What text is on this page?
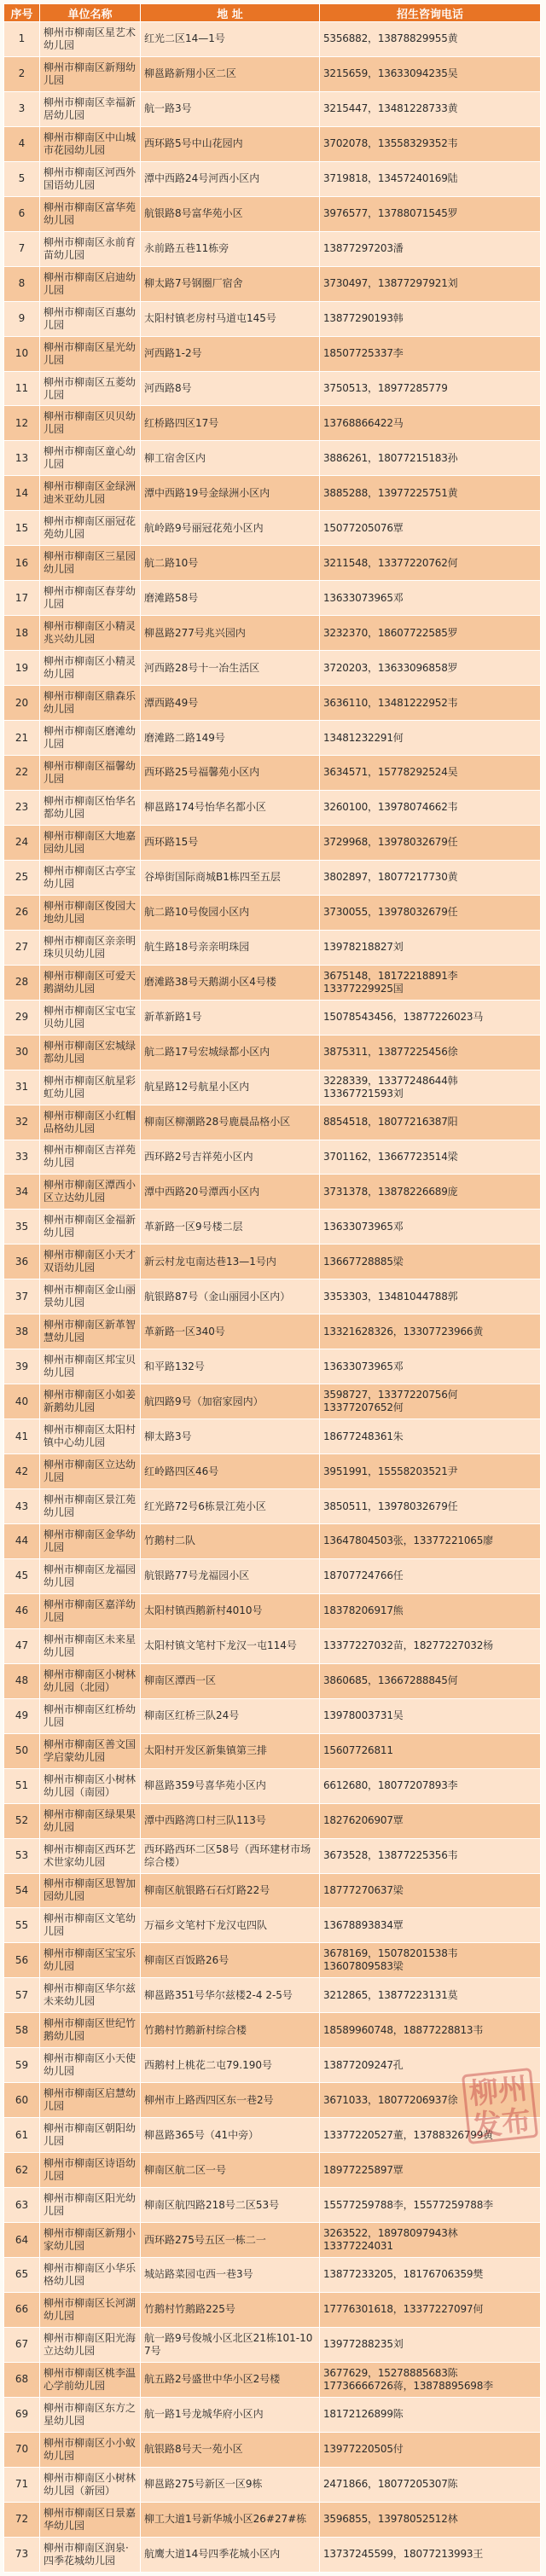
序号	单位名称	地 址	招生咨询电话
1	柳州市柳南区星艺术幼儿园	红光二区14—1号	5356882，13878829955黄
2	柳州市柳南区新翔幼儿园	柳邕路新翔小区二区	3215659，13633094235吴
3	柳州市柳南区幸福新居幼儿园	航一路3号	3215447，13481228733黄
4	柳州市柳南区中山城市花园幼儿园	西环路5号中山花园内	3702078，13558329352韦
5	柳州市柳南区河西外国语幼儿园	潭中西路24号河西小区内	3719818，13457240169陆
6	柳州市柳南区富华苑幼儿园	航银路8号富华苑小区	3976577，13788071545罗
7	柳州市柳南区永前育苗幼儿园	永前路五巷11栋旁	13877297203潘
8	柳州市柳南区启迪幼儿园	柳太路7号钢圈厂宿舍	3730497，13877297921刘
9	柳州市柳南区百惠幼儿园	太阳村镇老房村马道屯145号	13877290193韩
10	柳州市柳南区星光幼儿园	河西路1-2号	18507725337李
11	柳州市柳南区五菱幼儿园	河西路8号	3750513，18977285779
12	柳州市柳南区贝贝幼儿园	红桥路四区17号	13768866422马
13	柳州市柳南区童心幼儿园	柳工宿舍区内	3886261，18077215183孙
14	柳州市柳南区金绿洲迪米亚幼儿园	潭中西路19号金绿洲小区内	3885288，13977225751黄
15	柳州市柳南区丽冠花苑幼儿园	航岭路9号丽冠花苑小区内	15077205076覃
16	柳州市柳南区三星园幼儿园	航二路10号	3211548，13377220762何
17	柳州市柳南区春芽幼儿园	磨滩路58号	13633073965邓
18	柳州市柳南区小精灵兆兴幼儿园	柳邕路277号兆兴园内	3232370，18607722585罗
19	柳州市柳南区小精灵幼儿园	河西路28号十一冶生活区	3720203，13633096858罗
20	柳州市柳南区鼎森乐幼儿园	潭西路49号	3636110，13481222952韦
21	柳州市柳南区磨滩幼儿园	磨滩路二路149号	13481232291何
22	柳州市柳南区福馨幼儿园	西环路25号福馨苑小区内	3634571，15778292524吴
23	柳州市柳南区怡华名都幼儿园	柳邕路174号怡华名都小区	3260100，13978074662韦
24	柳州市柳南区大地嘉园幼儿园	西环路15号	3729968，13978032679任
25	柳州市柳南区古亭宝幼儿园	谷埠街国际商城B1栋四至五层	3802897，18077217730黄
26	柳州市柳南区俊园大地幼儿园	航二路10号俊园小区内	3730055，13978032679任
27	柳州市柳南区亲亲明珠贝贝幼儿园	航生路18号亲亲明珠园	13978218827刘
28	柳州市柳南区可爱天鹅湖幼儿园	磨滩路38号天鹅湖小区4号楼	3675148，18172218891李
13377229925国
29	柳州市柳南区宝屯宝贝幼儿园	新革新路1号	15078543456，13877226023马
30	柳州市柳南区宏城绿都幼儿园	航二路17号宏城绿都小区内	3875311，13877225456徐
31	柳州市柳南区航星彩虹幼儿园	航星路12号航星小区内	3228339，13377248644韩
13367721593刘
32	柳州市柳南区小红帽品格幼儿园	柳南区柳潮路28号鹿晨品格小区	8854518，18077216387阳
33	柳州市柳南区吉祥苑幼儿园	西环路2号吉祥苑小区内	3701162，13667723514梁
34	柳州市柳南区潭西小区立达幼儿园	潭中西路20号潭西小区内	3731378，13878226689庞
35	柳州市柳南区金福新幼儿园	革新路一区9号楼二层	13633073965邓
36	柳州市柳南区小天才双语幼儿园	新云村龙屯南达巷13—1号内	13667728885梁
37	柳州市柳南区金山丽景幼儿园	航银路87号（金山丽园小区内）	3353303，13481044788郭
38	柳州市柳南区新革智慧幼儿园	革新路一区340号	13321628326，13307723966黄
39	柳州市柳南区邦宝贝幼儿园	和平路132号	13633073965邓
40	柳州市柳南区小如姜新鹅幼儿园	航四路9号（加宿家园内）	3598727，13377220756何
13377207652何
41	柳州市柳南区太阳村镇中心幼儿园	柳太路3号	18677248361朱
42	柳州市柳南区立达幼儿园	红岭路四区46号	3951991，15558203521尹
43	柳州市柳南区景江苑幼儿园	红光路72号6栋景江苑小区	3850511，13978032679任
44	柳州市柳南区金华幼儿园	竹鹅村二队	13647804503张，13377221065廖
45	柳州市柳南区龙福园幼儿园	航银路77号龙福园小区	18707724766任
46	柳州市柳南区嘉洋幼儿园	太阳村镇西鹅新村4010号	18378206917熊
47	柳州市柳南区未来星幼儿园	太阳村镇文笔村下龙汉一屯114号	13377227032苗，18277227032杨
48	柳州市柳南区小树林幼儿园（北园）	柳南区潭西一区	3860685，13667288845何
49	柳州市柳南区红桥幼儿园	柳南区红桥三队24号	13978003731吴
50	柳州市柳南区善文国学启蒙幼儿园	太阳村开发区新集镇第三排	15607726811
51	柳州市柳南区小树林幼儿园（南园）	柳邕路359号喜华苑小区内	6612680，18077207893李
52	柳州市柳南区绿果果幼儿园	潭中西路湾口村三队113号	18276206907覃
53	柳州市柳南区西环艺术世家幼儿园	西环路西环二区58号（西环建材市场综合楼）	3673528，13877225356韦
54	柳州市柳南区思智加园幼儿园	柳南区航银路石石灯路22号	18777270637梁
55	柳州市柳南区文笔幼儿园	万福乡文笔村下龙汉屯四队	13678893834覃
56	柳州市柳南区宝宝乐幼儿园	柳南区百饭路26号	3678169，15078201538韦
13607809583梁
57	柳州市柳南区华尔兹未来幼儿园	柳邕路351号华尔兹楼2-4 2-5号	3212865，13877223131莫
58	柳州市柳南区世纪竹鹅幼儿园	竹鹅村竹鹅新村综合楼	18589960748，18877228813韦
59	柳州市柳南区小天使幼儿园	西鹅村上桃花二屯79.190号	13877209247孔
60	柳州市柳南区启慧幼儿园	柳州市上路西四区东一巷2号	3671033，18077206937徐
61	柳州市柳南区朝阳幼儿园	柳邕路365号（41中旁）	13377220527董，13788326799黄
62	柳州市柳南区诗语幼儿园	柳南区航二区一号	18977225897覃
63	柳州市柳南区阳光幼儿园	柳南区航四路218号二区53号	15577259788李，15577259788李
64	柳州市柳南区新翔小家幼儿园	西环路275号五区一栋二一	3263522，18978097943林
13377224031
65	柳州市柳南区小华乐格幼儿园	城站路菜园屯西一巷3号	13877233205，18176706359樊
66	柳州市柳南区长河湖幼儿园	竹鹅村竹鹅路225号	17776301618，13377227097何
67	柳州市柳南区阳光海立达幼儿园	航一路9号俊城小区北区21栋101-107号	13977288235刘
68	柳州市柳南区桃李温心学前幼儿园	航五路2号盛世中华小区2号楼	3677629，15278885683陈
17736666726蒋，13878895698李
69	柳州市柳南区东方之星幼儿园	航一路1号龙城华府小区内	18172126899陈
70	柳州市柳南区小小蚁幼儿园	航银路8号天一苑小区	13977220505付
71	柳州市柳南区小树林幼儿园（新园）	柳邕路275号新区一区9栋	2471866，18077205307陈
72	柳州市柳南区日景嘉华幼儿园	柳工大道1号新华城小区26#27#栋	3596855，13978052512林
73	柳州市柳南区润泉·四季花城幼儿园	航鹰大道14号四季花城小区内	13737245599，18077213993王
柳州
发布
